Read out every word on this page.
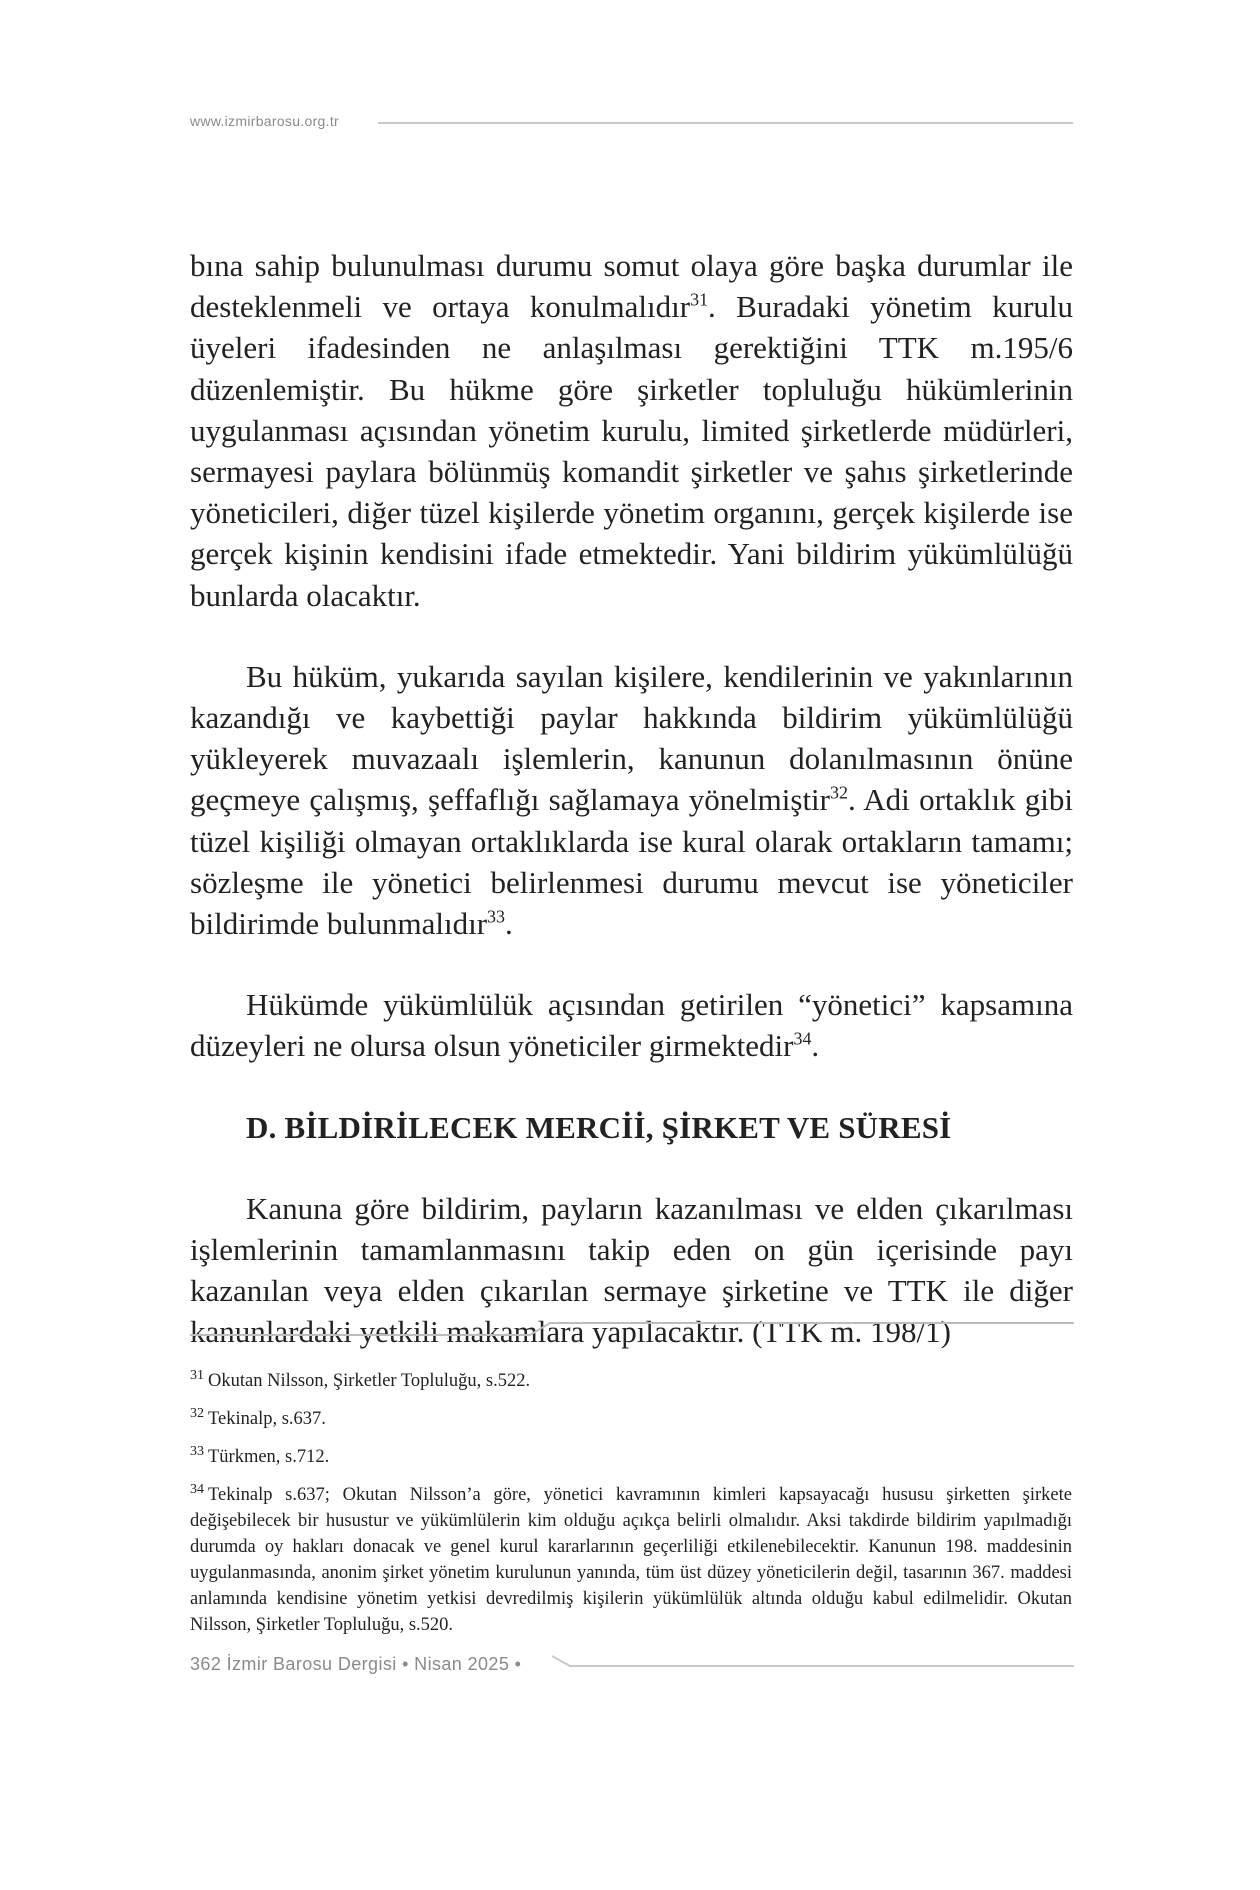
www.izmirbarosu.org.tr

bına sahip bulunulması durumu somut olaya göre başka durumlar ile desteklenmeli ve ortaya konulmalıdır$^{31}$. Buradaki yönetim kurulu üyeleri ifadesinden ne anlaşılması gerektiğini TTK m.195/6 düzenlemiştir. Bu hükme göre şirketler topluluğu hükümlerinin uygulanması açısından yönetim kurulu, limited şirketlerde müdürleri, sermayesi paylara bölünmüş komandit şirketler ve şahıs şirketlerinde yöneticileri, diğer tüzel kişilerde yönetim organını, gerçek kişilerde ise gerçek kişinin kendisini ifade etmektedir. Yani bildirim yükümlülüğü bunlarda olacaktır.

Bu hüküm, yukarıda sayılan kişilere, kendilerinin ve yakınlarının kazandığı ve kaybettiği paylar hakkında bildirim yükümlülüğü yükleyerek muvazaalı işlemlerin, kanunun dolanılmasının önüne geçmeye çalışmış, şeffaflığı sağlamaya yönelmiştir$^{32}$. Adi ortaklık gibi tüzel kişiliği olmayan ortaklıklarda ise kural olarak ortakların tamamı; sözleşme ile yönetici belirlenmesi durumu mevcut ise yöneticiler bildirimde bulunmalıdır$^{33}$.

Hükümde yükümlülük açısından getirilen “yönetici” kapsamına düzeyleri ne olursa olsun yöneticiler girmektedir$^{34}$.

D. BİLDİRİLECEK MERCİİ, ŞİRKET VE SÜRESİ

Kanuna göre bildirim, payların kazanılması ve elden çıkarılması işlemlerinin tamamlanmasını takip eden on gün içerisinde payı kazanılan veya elden çıkarılan sermaye şirketine ve TTK ile diğer kanunlardaki yetkili makamlara yapılacaktır. (TTK m. 198/1)

$^{31}$ Okutan Nilsson, Şirketler Topluluğu, s.522.
$^{32}$ Tekinalp, s.637.
$^{33}$ Türkmen, s.712.
$^{34}$ Tekinalp s.637; Okutan Nilsson’a göre, yönetici kavramının kimleri kapsayacağı hususu şirketten şirkete değişebilecek bir husustur ve yükümlülerin kim olduğu açıkça belirli olmalıdır. Aksi takdirde bildirim yapılmadığı durumda oy hakları donacak ve genel kurul kararlarının geçerliliği etkilenebilecektir. Kanunun 198. maddesinin uygulanmasında, anonim şirket yönetim kurulunun yanında, tüm üst düzey yöneticilerin değil, tasarının 367. maddesi anlamında kendisine yönetim yetkisi devredilmiş kişilerin yükümlülük altında olduğu kabul edilmelidir. Okutan Nilsson, Şirketler Topluluğu, s.520.
362 İzmir Barosu Dergisi • Nisan 2025 •
